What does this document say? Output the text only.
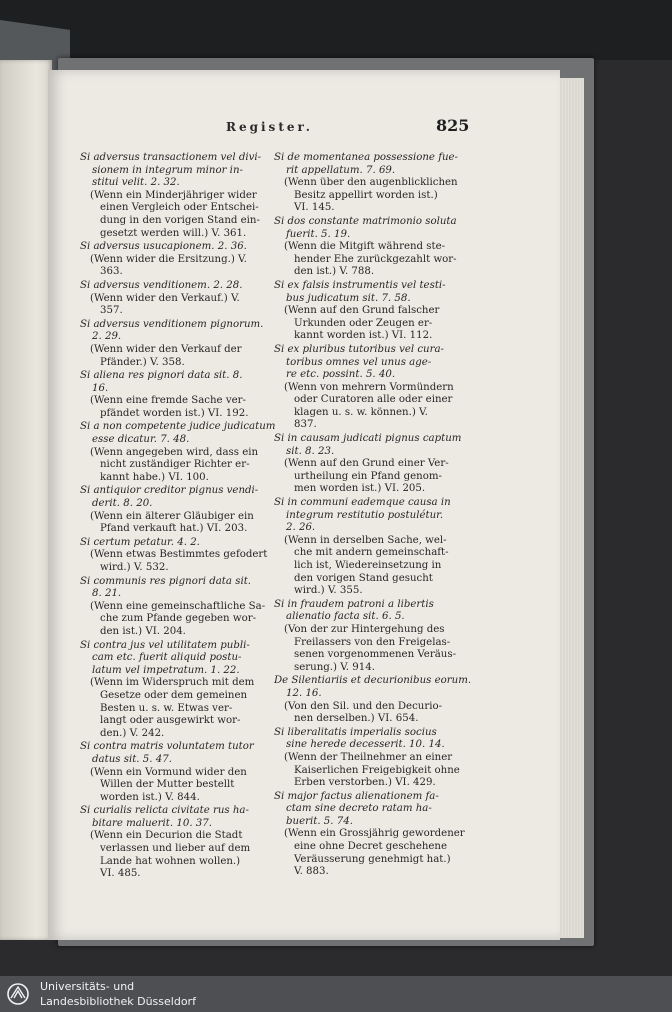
Register.	825
Si adversus transactionem vel divi-
sionem in integrum minor in-
stitui velit. 2. 32.
(Wenn ein Minderjähriger wider
einen Vergleich oder Entschei-
dung in den vorigen Stand ein-
gesetzt werden will.) V. 361.
Si adversus usucapionem. 2. 36.
(Wenn wider die Ersitzung.) V.
363.
Si adversus venditionem. 2. 28.
(Wenn wider den Verkauf.) V.
357.
Si adversus venditionem pignorum.
2. 29.
(Wenn wider den Verkauf der
Pfänder.) V. 358.
Si aliena res pignori data sit. 8.
16.
(Wenn eine fremde Sache ver-
pfändet worden ist.) VI. 192.
Si a non competente judice judicatum
esse dicatur. 7. 48.
(Wenn angegeben wird, dass ein
nicht zuständiger Richter er-
kannt habe.) VI. 100.
Si antiquior creditor pignus vendi-
derit. 8. 20.
(Wenn ein älterer Gläubiger ein
Pfand verkauft hat.) VI. 203.
Si certum petatur. 4. 2.
(Wenn etwas Bestimmtes gefodert
wird.) V. 532.
Si communis res pignori data sit.
8. 21.
(Wenn eine gemeinschaftliche Sa-
che zum Pfande gegeben wor-
den ist.) VI. 204.
Si contra jus vel utilitatem publi-
cam etc. fuerit aliquid postu-
latum vel impetratum. 1. 22.
(Wenn im Widerspruch mit dem
Gesetze oder dem gemeinen
Besten u. s. w. Etwas ver-
langt oder ausgewirkt wor-
den.) V. 242.
Si contra matris voluntatem tutor
datus sit. 5. 47.
(Wenn ein Vormund wider den
Willen der Mutter bestellt
worden ist.) V. 844.
Si curialis relicta civitate rus ha-
bitare maluerit. 10. 37.
(Wenn ein Decurion die Stadt
verlassen und lieber auf dem
Lande hat wohnen wollen.)
VI. 485.
Si de momentanea possessione fue-
rit appellatum. 7. 69.
(Wenn über den augenblicklichen
Besitz appellirt worden ist.)
VI. 145.
Si dos constante matrimonio soluta
fuerit. 5. 19.
(Wenn die Mitgift während ste-
hender Ehe zurückgezahlt wor-
den ist.) V. 788.
Si ex falsis instrumentis vel testi-
bus judicatum sit. 7. 58.
(Wenn auf den Grund falscher
Urkunden oder Zeugen er-
kannt worden ist.) VI. 112.
Si ex pluribus tutoribus vel cura-
toribus omnes vel unus age-
re etc. possint. 5. 40.
(Wenn von mehrern Vormündern
oder Curatoren alle oder einer
klagen u. s. w. können.) V.
837.
Si in causam judicati pignus captum
sit. 8. 23.
(Wenn auf den Grund einer Ver-
urtheilung ein Pfand genom-
men worden ist.) VI. 205.
Si in communi eademque causa in
integrum restitutio postulétur.
2. 26.
(Wenn in derselben Sache, wel-
che mit andern gemeinschaft-
lich ist, Wiedereinsetzung in
den vorigen Stand gesucht
wird.) V. 355.
Si in fraudem patroni a libertis
alienatio facta sit. 6. 5.
(Von der zur Hintergehung des
Freilassers von den Freigelas-
senen vorgenommenen Veräus-
serung.) V. 914.
De Silentiariis et decurionibus eorum.
12. 16.
(Von den Sil. und den Decurio-
nen derselben.) VI. 654.
Si liberalitatis imperialis socius
sine herede decesserit. 10. 14.
(Wenn der Theilnehmer an einer
Kaiserlichen Freigebigkeit ohne
Erben verstorben.) VI. 429.
Si major factus alienationem fa-
ctam sine decreto ratam ha-
buerit. 5. 74.
(Wenn ein Grossjährig gewordener
eine ohne Decret geschehene
Veräusserung genehmigt hat.)
V. 883.
Universitäts- und
Landesbibliothek Düsseldorf
